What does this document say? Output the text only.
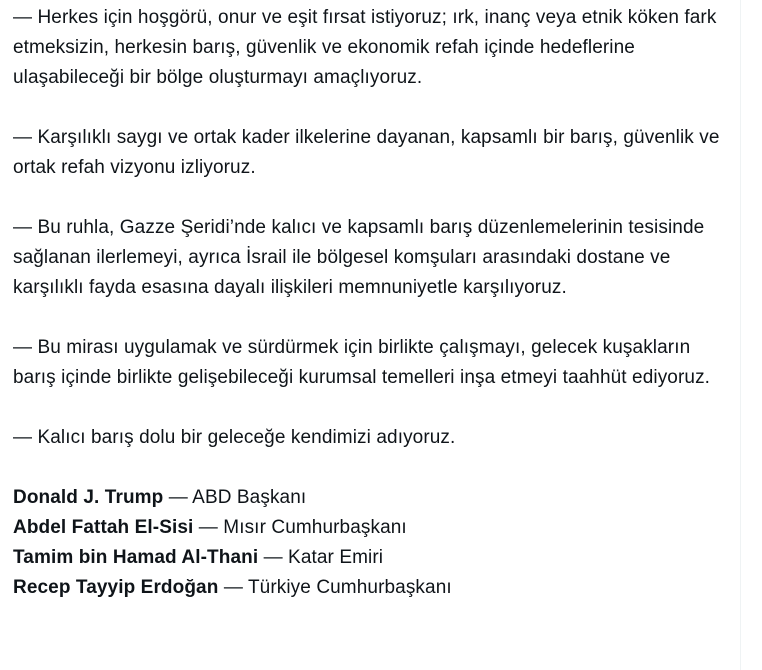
— Herkes için hoşgörü, onur ve eşit fırsat istiyoruz; ırk, inanç veya etnik köken fark etmeksizin, herkesin barış, güvenlik ve ekonomik refah içinde hedeflerine ulaşabileceği bir bölge oluşturmayı amaçlıyoruz.

— Karşılıklı saygı ve ortak kader ilkelerine dayanan, kapsamlı bir barış, güvenlik ve ortak refah vizyonu izliyoruz.

— Bu ruhla, Gazze Şeridi’nde kalıcı ve kapsamlı barış düzenlemelerinin tesisinde sağlanan ilerlemeyi, ayrıca İsrail ile bölgesel komşuları arasındaki dostane ve karşılıklı fayda esasına dayalı ilişkileri memnuniyetle karşılıyoruz.

— Bu mirası uygulamak ve sürdürmek için birlikte çalışmayı, gelecek kuşakların barış içinde birlikte gelişebileceği kurumsal temelleri inşa etmeyi taahhüt ediyoruz.

— Kalıcı barış dolu bir geleceğe kendimizi adıyoruz.

Donald J. Trump — ABD Başkanı
Abdel Fattah El-Sisi — Mısır Cumhurbaşkanı
Tamim bin Hamad Al-Thani — Katar Emiri
Recep Tayyip Erdoğan — Türkiye Cumhurbaşkanı
